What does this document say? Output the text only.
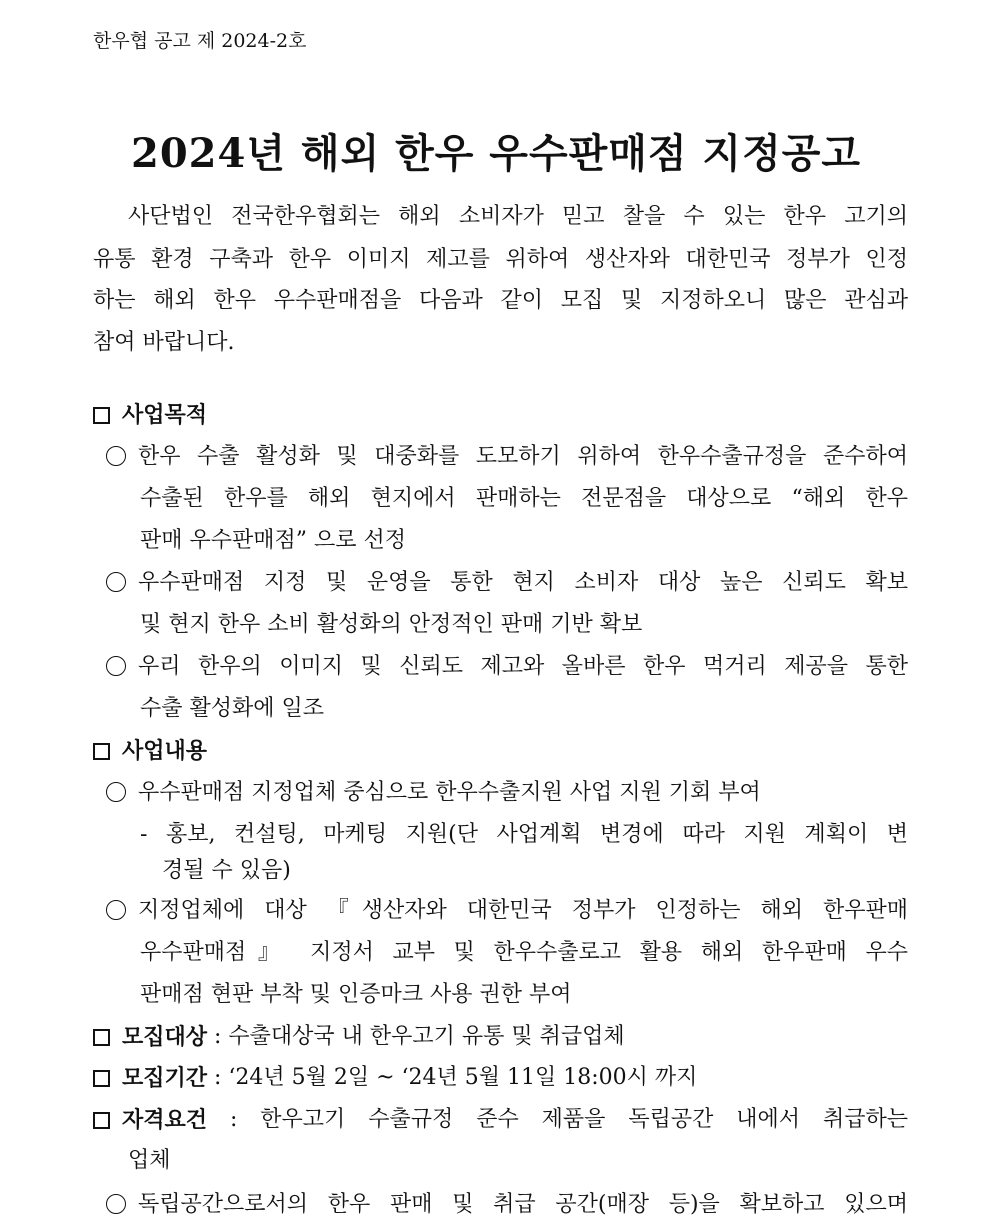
한우협 공고 제 2024-2호
2024년 해외 한우 우수판매점 지정공고
사단법인 전국한우협회는 해외 소비자가 믿고 찰을 수 있는 한우 고기의
유통 환경 구축과 한우 이미지 제고를 위하여 생산자와 대한민국 정부가 인정
하는 해외 한우 우수판매점을 다음과 같이 모집 및 지정하오니 많은 관심과
참여 바랍니다.
사업목적
한우 수출 활성화 및 대중화를 도모하기 위하여 한우수출규정을 준수하여
수출된 한우를 해외 현지에서 판매하는 전문점을 대상으로 “해외 한우
판매 우수판매점” 으로 선정
우수판매점 지정 및 운영을 통한 현지 소비자 대상 높은 신뢰도 확보
및 현지 한우 소비 활성화의 안정적인 판매 기반 확보
우리 한우의 이미지 및 신뢰도 제고와 올바른 한우 먹거리 제공을 통한
수출 활성화에 일조
사업내용
우수판매점 지정업체 중심으로 한우수출지원 사업 지원 기회 부여
- 홍보, 컨설팅, 마케팅 지원(단 사업계획 변경에 따라 지원 계획이 변
경될 수 있음)
지정업체에 대상 『생산자와 대한민국 정부가 인정하는 해외 한우판매
우수판매점』 지정서 교부 및 한우수출로고 활용 해외 한우판매 우수
판매점 현판 부착 및 인증마크 사용 권한 부여
모집대상 : 수출대상국 내 한우고기 유통 및 취급업체
모집기간 : ‘24년 5월 2일 ~ ‘24년 5월 11일 18:00시 까지
자격요건 : 한우고기 수출규정 준수 제품을 독립공간 내에서 취급하는
업체
독립공간으로서의 한우 판매 및 취급 공간(매장 등)을 확보하고 있으며
